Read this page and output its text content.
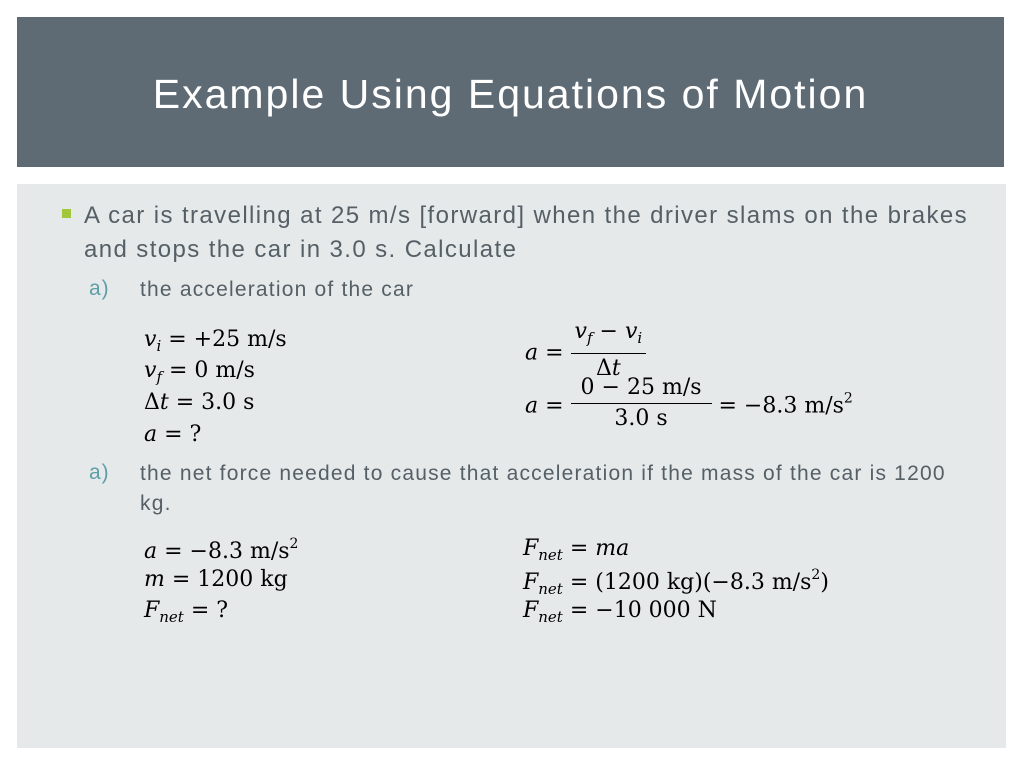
Example Using Equations of Motion
A car is travelling at 25 m/s [forward] when the driver slams on the brakes and stops the car in 3.0 s. Calculate
a) the acceleration of the car
$v_i = +25$ m/s
$v_f = 0$ m/s
Δt = 3.0 s
a = ?
$a = \frac{v_f - v_i}{\Delta t}$
$a = \frac{0 - 25 m/s}{3.0 s} = -8.3$ $m/s^2$
a) the net force needed to cause that acceleration if the mass of the car is 1200 kg.
a = −8.3 $m/s^2$
m = 1200 kg
$F_{net}$ = ?
$F_{net}$ = ma
$F_{net} = (1200$ kg)(−8.3 $m/s^2$)
$F_{net} = -10$ 000 N
